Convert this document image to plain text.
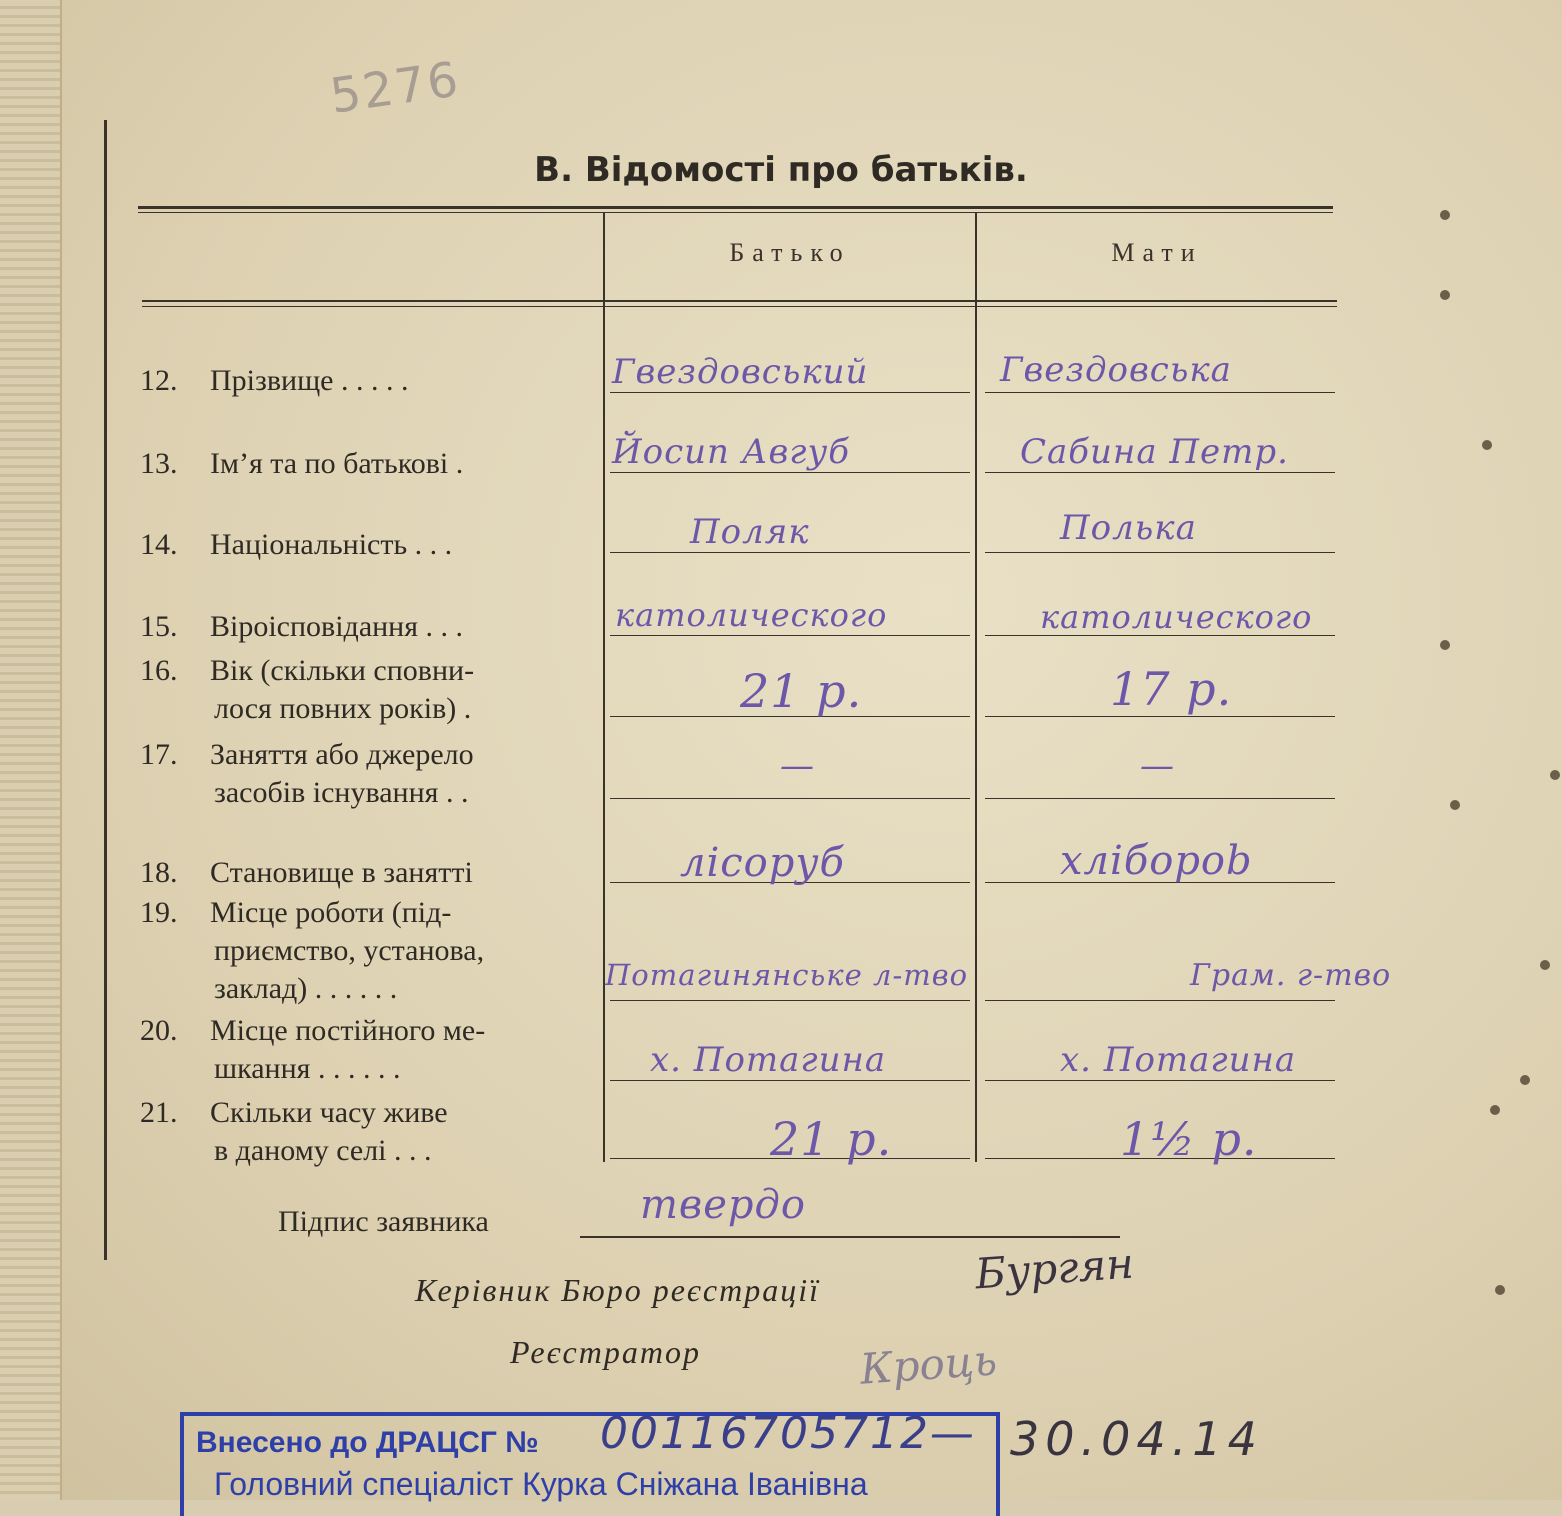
5276
В. Відомості про батьків.
Батько	Мати
12. Прізвище . . . . .	Гвездовський	Гвездовська
13. Ім’я та по батькові .	Йосип Авгуб	Сабина Петр.
14. Національність . . .	Поляк	Полька
15. Віроісповідання . . .	католического	католического
16. Вік (скільки сповни-
лося повних років) .	21 р.	17 р.
17. Заняття або джерело
засобів існування . .
—	—
18. Становище в занятті	лісоруб	хліборob
19. Місце роботи (під-
приємство, установа,
заклад) . . . . . .	Потагинянське л-тво	Грам. г-тво
20. Місце постійного ме-
шкання . . . . . .	х. Потагина	х. Потагина
21. Скільки часу живе
в даному селі . . .	21 р.	1½ р.
Підпис заявника	твердо
Керівник Бюро реєстрації	Бургян
Реєстратор	Кроць
Внесено до ДРАЦСГ №
Головний спеціаліст Курка Сніжана Іванівна
00116705712— 30.04.14
